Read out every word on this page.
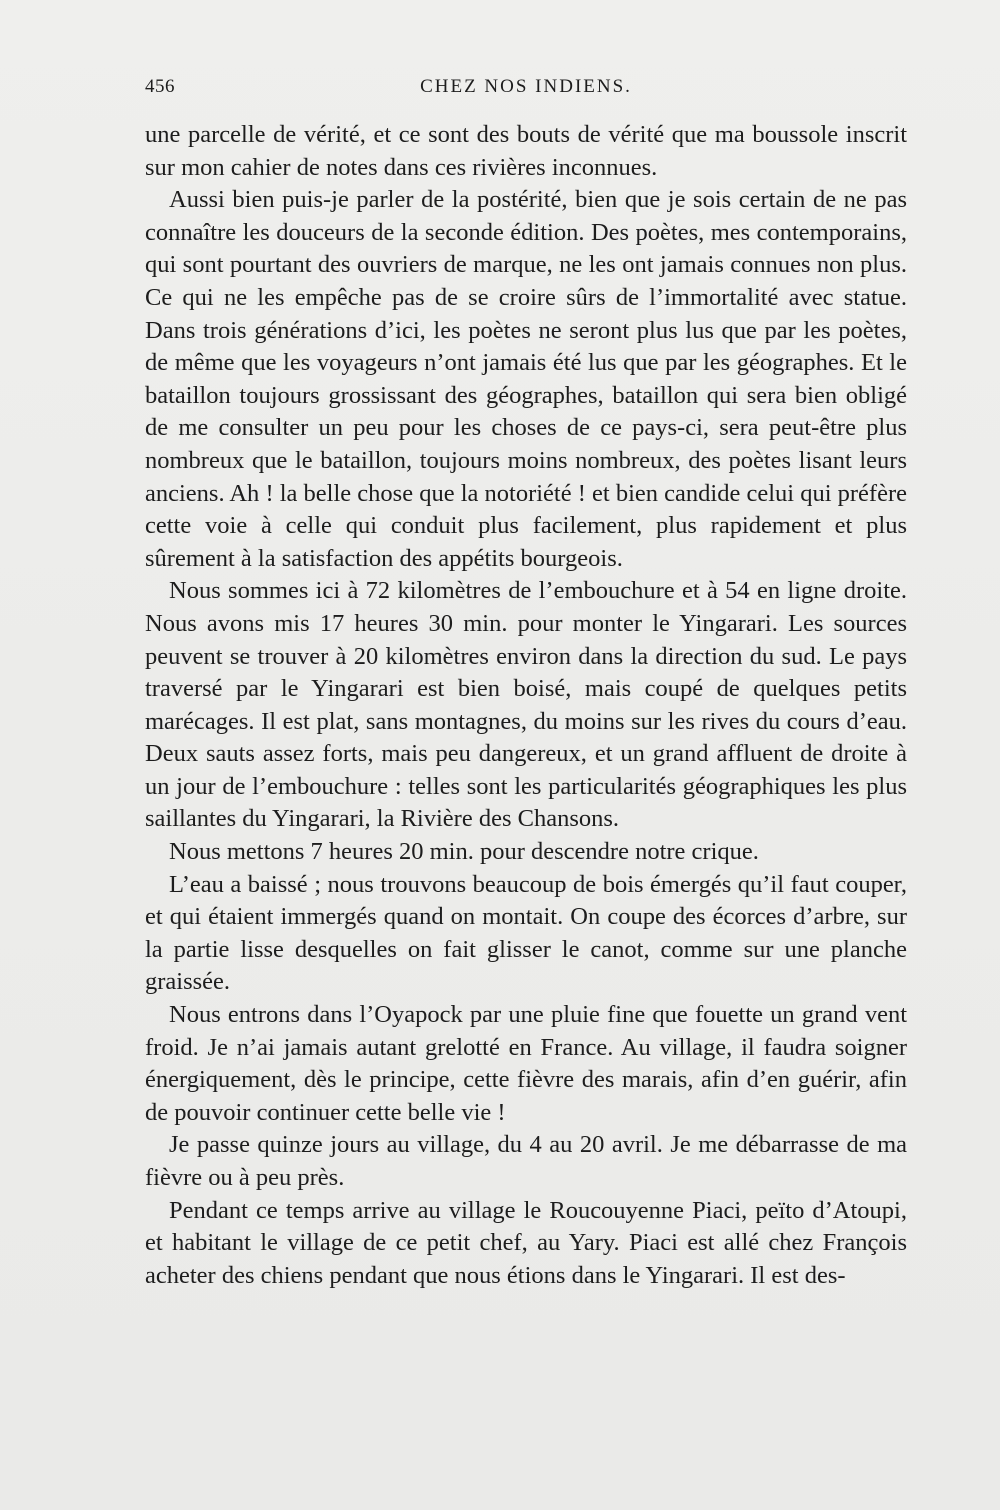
456	CHEZ NOS INDIENS.

une parcelle de vérité, et ce sont des bouts de vérité que ma boussole inscrit sur mon cahier de notes dans ces rivières inconnues.

Aussi bien puis-je parler de la postérité, bien que je sois certain de ne pas connaître les douceurs de la seconde édition. Des poètes, mes contemporains, qui sont pourtant des ouvriers de marque, ne les ont jamais connues non plus. Ce qui ne les empêche pas de se croire sûrs de l’immortalité avec statue. Dans trois générations d’ici, les poètes ne seront plus lus que par les poètes, de même que les voyageurs n’ont jamais été lus que par les géographes. Et le bataillon toujours grossissant des géographes, bataillon qui sera bien obligé de me consulter un peu pour les choses de ce pays-ci, sera peut-être plus nombreux que le bataillon, toujours moins nombreux, des poètes lisant leurs anciens. Ah ! la belle chose que la notoriété ! et bien candide celui qui préfère cette voie à celle qui conduit plus facilement, plus rapidement et plus sûrement à la satisfaction des appétits bourgeois.

Nous sommes ici à 72 kilomètres de l’embouchure et à 54 en ligne droite. Nous avons mis 17 heures 30 min. pour monter le Yingarari. Les sources peuvent se trouver à 20 kilomètres environ dans la direction du sud. Le pays traversé par le Yingarari est bien boisé, mais coupé de quelques petits marécages. Il est plat, sans montagnes, du moins sur les rives du cours d’eau. Deux sauts assez forts, mais peu dangereux, et un grand affluent de droite à un jour de l’embouchure : telles sont les particularités géographiques les plus saillantes du Yingarari, la Rivière des Chansons.

Nous mettons 7 heures 20 min. pour descendre notre crique.

L’eau a baissé ; nous trouvons beaucoup de bois émergés qu’il faut couper, et qui étaient immergés quand on montait. On coupe des écorces d’arbre, sur la partie lisse desquelles on fait glisser le canot, comme sur une planche graissée.

Nous entrons dans l’Oyapock par une pluie fine que fouette un grand vent froid. Je n’ai jamais autant grelotté en France. Au village, il faudra soigner énergiquement, dès le principe, cette fièvre des marais, afin d’en guérir, afin de pouvoir continuer cette belle vie !

Je passe quinze jours au village, du 4 au 20 avril. Je me débarrasse de ma fièvre ou à peu près.

Pendant ce temps arrive au village le Roucouyenne Piaci, peïto d’Atoupi, et habitant le village de ce petit chef, au Yary. Piaci est allé chez François acheter des chiens pendant que nous étions dans le Yingarari. Il est des-
